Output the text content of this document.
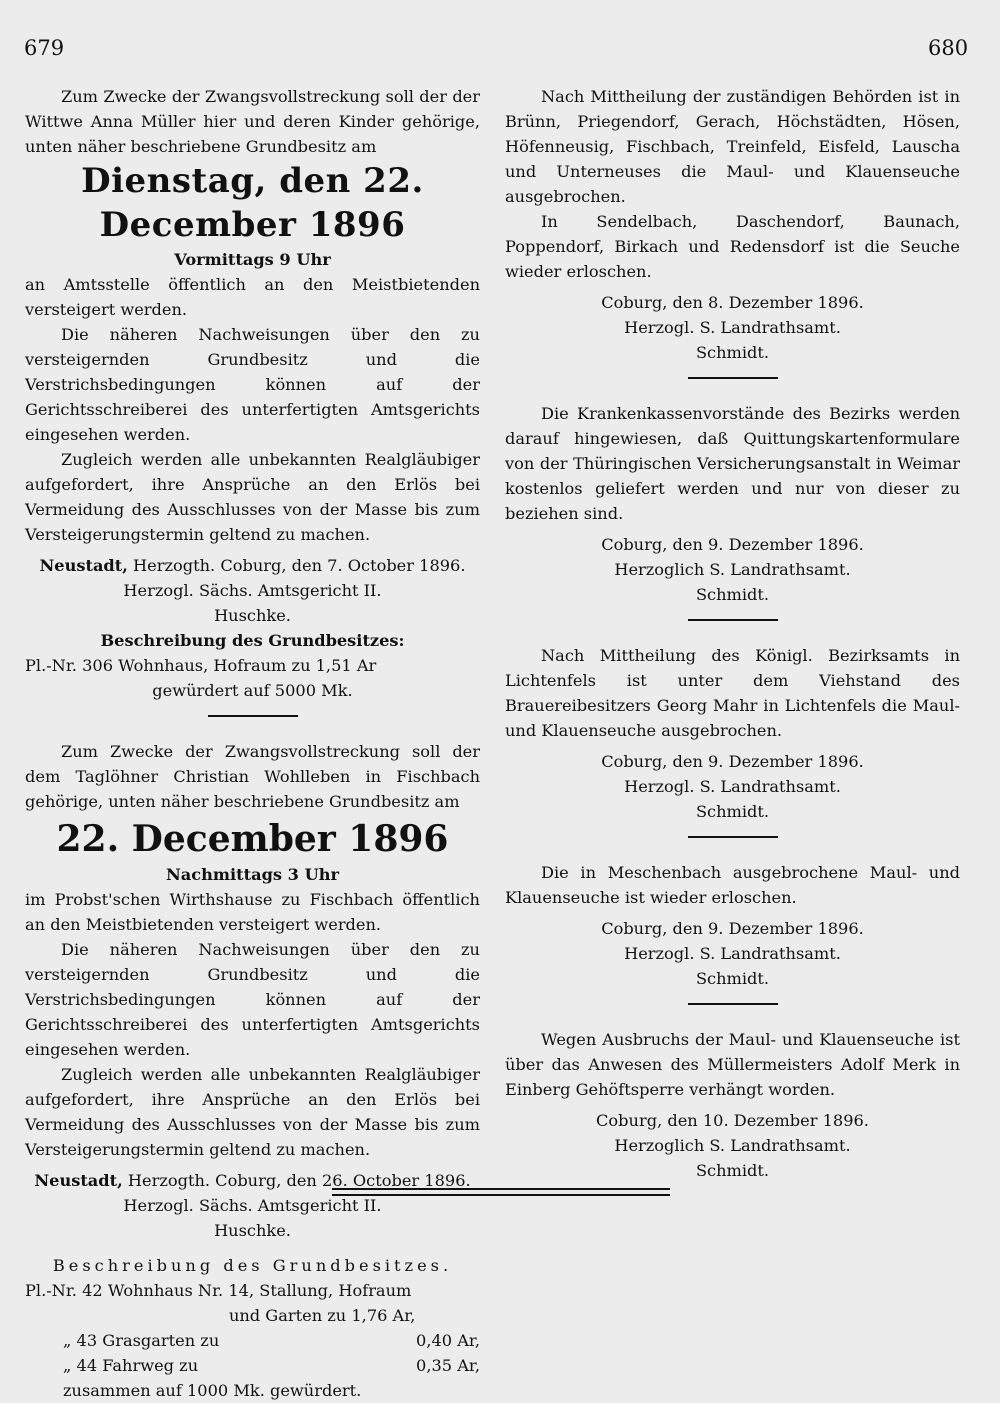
679	680

Zum Zwecke der Zwangsvollstreckung soll der der Wittwe Anna Müller hier und deren Kinder gehörige, unten näher beschriebene Grundbesitz am

Dienstag, den 22. December 1896

Vormittags 9 Uhr

an Amtsstelle öffentlich an den Meistbietenden versteigert werden.

Die näheren Nachweisungen über den zu versteigernden Grundbesitz und die Verstrichsbedingungen können auf der Gerichtsschreiberei des unterfertigten Amtsgerichts eingesehen werden.

Zugleich werden alle unbekannten Realgläubiger aufgefordert, ihre Ansprüche an den Erlös bei Vermeidung des Ausschlusses von der Masse bis zum Versteigerungstermin geltend zu machen.

Neustadt, Herzogth. Coburg, den 7. October 1896.

Herzogl. Sächs. Amtsgericht II.

Huschke.

Beschreibung des Grundbesitzes:

Pl.-Nr. 306 Wohnhaus, Hofraum zu 1,51 Ar

gewürdert auf 5000 Mk.

Zum Zwecke der Zwangsvollstreckung soll der dem Taglöhner Christian Wohlleben in Fischbach gehörige, unten näher beschriebene Grundbesitz am

22. December 1896

Nachmittags 3 Uhr

im Probst'schen Wirthshause zu Fischbach öffentlich an den Meistbietenden versteigert werden.

Die näheren Nachweisungen über den zu versteigernden Grundbesitz und die Verstrichsbedingungen können auf der Gerichtsschreiberei des unterfertigten Amtsgerichts eingesehen werden.

Zugleich werden alle unbekannten Realgläubiger aufgefordert, ihre Ansprüche an den Erlös bei Vermeidung des Ausschlusses von der Masse bis zum Versteigerungstermin geltend zu machen.

Neustadt, Herzogth. Coburg, den 26. October 1896.

Herzogl. Sächs. Amtsgericht II.

Huschke.

Beschreibung des Grundbesitzes.

Pl.-Nr. 42 Wohnhaus Nr. 14, Stallung, Hofraum	
und Garten zu 1,76 Ar,	
„ 43 Grasgarten zu	0,40 Ar,
„ 44 Fahrweg zu	0,35 Ar,
zusammen auf 1000 Mk. gewürdert.	

Nach Mittheilung der zuständigen Behörden ist in Brünn, Priegendorf, Gerach, Höchstädten, Hösen, Höfenneusig, Fischbach, Treinfeld, Eisfeld, Lauscha und Unterneuses die Maul- und Klauenseuche ausgebrochen.

In Sendelbach, Daschendorf, Baunach, Poppendorf, Birkach und Redensdorf ist die Seuche wieder erloschen.

Coburg, den 8. Dezember 1896.

Herzogl. S. Landrathsamt.

Schmidt.

Die Krankenkassenvorstände des Bezirks werden darauf hingewiesen, daß Quittungskartenformulare von der Thüringischen Versicherungsanstalt in Weimar kostenlos geliefert werden und nur von dieser zu beziehen sind.

Coburg, den 9. Dezember 1896.

Herzoglich S. Landrathsamt.

Schmidt.

Nach Mittheilung des Königl. Bezirksamts in Lichtenfels ist unter dem Viehstand des Brauereibesitzers Georg Mahr in Lichtenfels die Maul- und Klauenseuche ausgebrochen.

Coburg, den 9. Dezember 1896.

Herzogl. S. Landrathsamt.

Schmidt.

Die in Meschenbach ausgebrochene Maul- und Klauenseuche ist wieder erloschen.

Coburg, den 9. Dezember 1896.

Herzogl. S. Landrathsamt.

Schmidt.

Wegen Ausbruchs der Maul- und Klauenseuche ist über das Anwesen des Müllermeisters Adolf Merk in Einberg Gehöftsperre verhängt worden.

Coburg, den 10. Dezember 1896.

Herzoglich S. Landrathsamt.

Schmidt.
